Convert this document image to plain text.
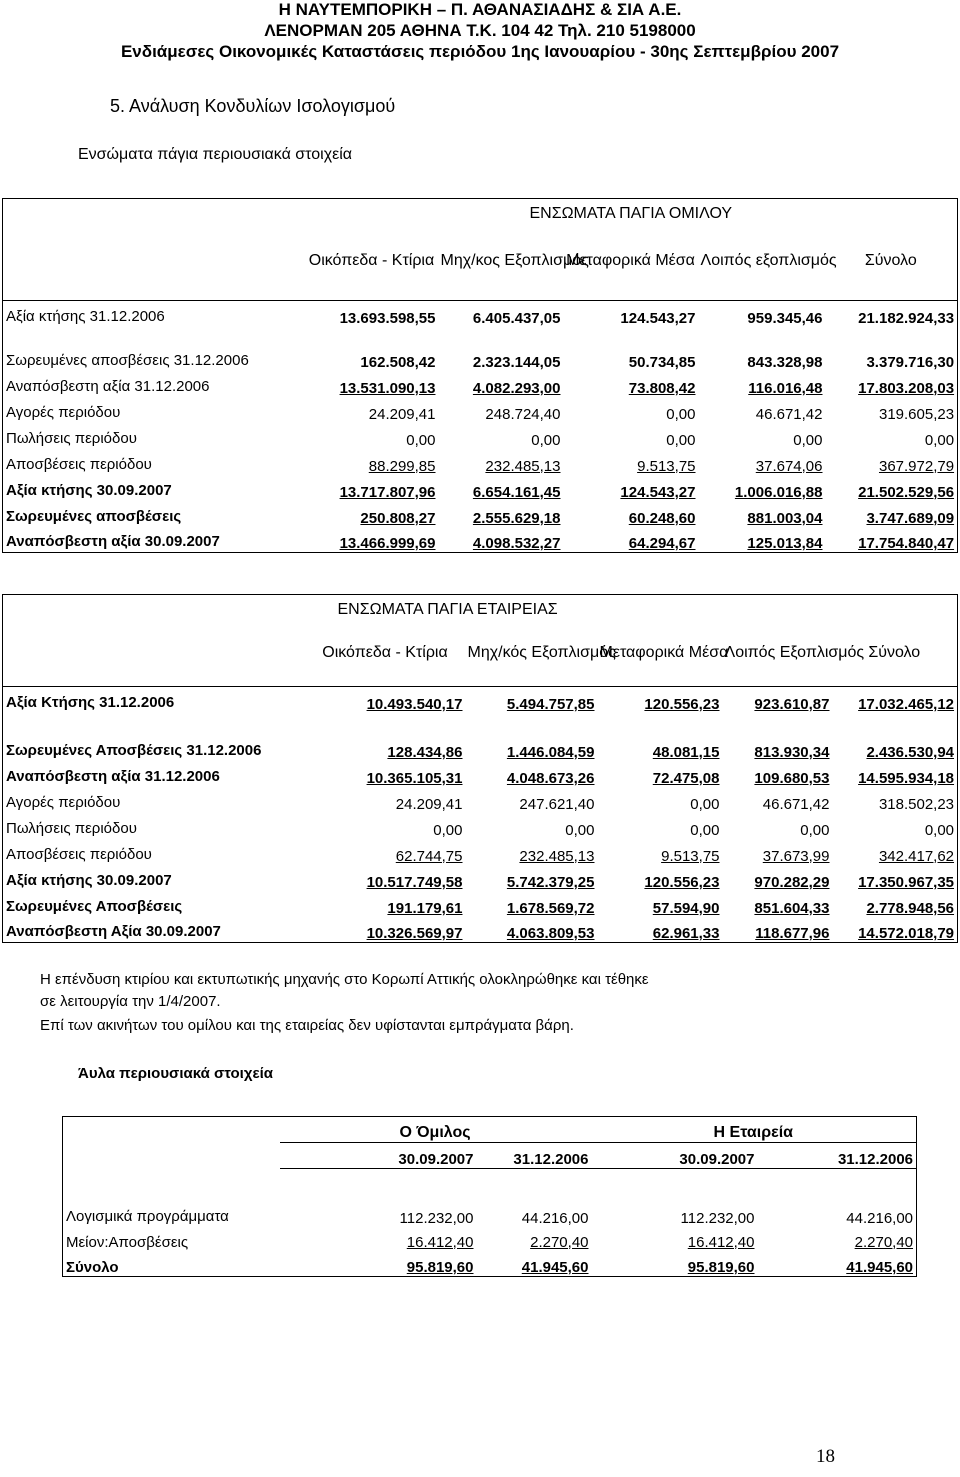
Η ΝΑΥΤΕΜΠΟΡΙΚΗ – Π. ΑΘΑΝΑΣΙΑΔΗΣ & ΣΙΑ Α.Ε.
ΛΕΝΟΡΜΑΝ 205 ΑΘΗΝΑ Τ.Κ. 104 42 Τηλ. 210 5198000
Ενδιάμεσες Οικονομικές Καταστάσεις περιόδου 1ης Ιανουαρίου - 30ης Σεπτεμβρίου 2007
5. Ανάλυση Κονδυλίων Ισολογισμού
Ενσώματα πάγια περιουσιακά στοιχεία
	ΕΝΣΩΜΑΤΑ ΠΑΓΙΑ ΟΜΙΛΟΥ				
	Οικόπεδα - Κτίρια	Μηχ/κος Εξοπλισμός	Μεταφορικά Μέσα	Λοιπός εξοπλισμός	Σύνολο

Αξία κτήσης 31.12.2006	13.693.598,55	6.405.437,05	124.543,27	959.345,46	21.182.924,33
Σωρευμένες αποσβέσεις 31.12.2006	162.508,42	2.323.144,05	50.734,85	843.328,98	3.379.716,30
Αναπόσβεστη αξία 31.12.2006	13.531.090,13	4.082.293,00	73.808,42	116.016,48	17.803.208,03
Αγορές περιόδου	24.209,41	248.724,40	0,00	46.671,42	319.605,23
Πωλήσεις περιόδου	0,00	0,00	0,00	0,00	0,00
Αποσβέσεις περιόδου	88.299,85	232.485,13	9.513,75	37.674,06	367.972,79
Αξία κτήσης 30.09.2007	13.717.807,96	6.654.161,45	124.543,27	1.006.016,88	21.502.529,56
Σωρευμένες αποσβέσεις	250.808,27	2.555.629,18	60.248,60	881.003,04	3.747.689,09
Αναπόσβεστη αξία 30.09.2007	13.466.999,69	4.098.532,27	64.294,67	125.013,84	17.754.840,47
	ΕΝΣΩΜΑΤΑ ΠΑΓΙΑ ΕΤΑΙΡΕΙΑΣ				
	Οικόπεδα - Κτίρια	Μηχ/κός Εξοπλισμός	Μεταφορικά Μέσα	Λοιπός Εξοπλισμός	Σύνολο

Αξία Κτήσης 31.12.2006	10.493.540,17	5.494.757,85	120.556,23	923.610,87	17.032.465,12
Σωρευμένες Αποσβέσεις 31.12.2006	128.434,86	1.446.084,59	48.081,15	813.930,34	2.436.530,94
Αναπόσβεστη αξία 31.12.2006	10.365.105,31	4.048.673,26	72.475,08	109.680,53	14.595.934,18
Αγορές περιόδου	24.209,41	247.621,40	0,00	46.671,42	318.502,23
Πωλήσεις περιόδου	0,00	0,00	0,00	0,00	0,00
Αποσβέσεις περιόδου	62.744,75	232.485,13	9.513,75	37.673,99	342.417,62
Αξία κτήσης 30.09.2007	10.517.749,58	5.742.379,25	120.556,23	970.282,29	17.350.967,35
Σωρευμένες Αποσβέσεις	191.179,61	1.678.569,72	57.594,90	851.604,33	2.778.948,56
Αναπόσβεστη Αξία 30.09.2007	10.326.569,97	4.063.809,53	62.961,33	118.677,96	14.572.018,79
Η επένδυση κτιρίου και εκτυπωτικής μηχανής στο Κορωπί Αττικής ολοκληρώθηκε και τέθηκε
σε λειτουργία την 1/4/2007.
Επί των ακινήτων του ομίλου και της εταιρείας δεν υφίστανται εμπράγματα βάρη.
Άυλα περιουσιακά στοιχεία
	Ο Όμιλος		Η Εταιρεία	
	30.09.2007	31.12.2006	30.09.2007	31.12.2006

Λογισμικά προγράμματα	112.232,00	44.216,00	112.232,00	44.216,00
Μείον:Αποσβέσεις	16.412,40	2.270,40	16.412,40	2.270,40
Σύνολο	95.819,60	41.945,60	95.819,60	41.945,60
18
